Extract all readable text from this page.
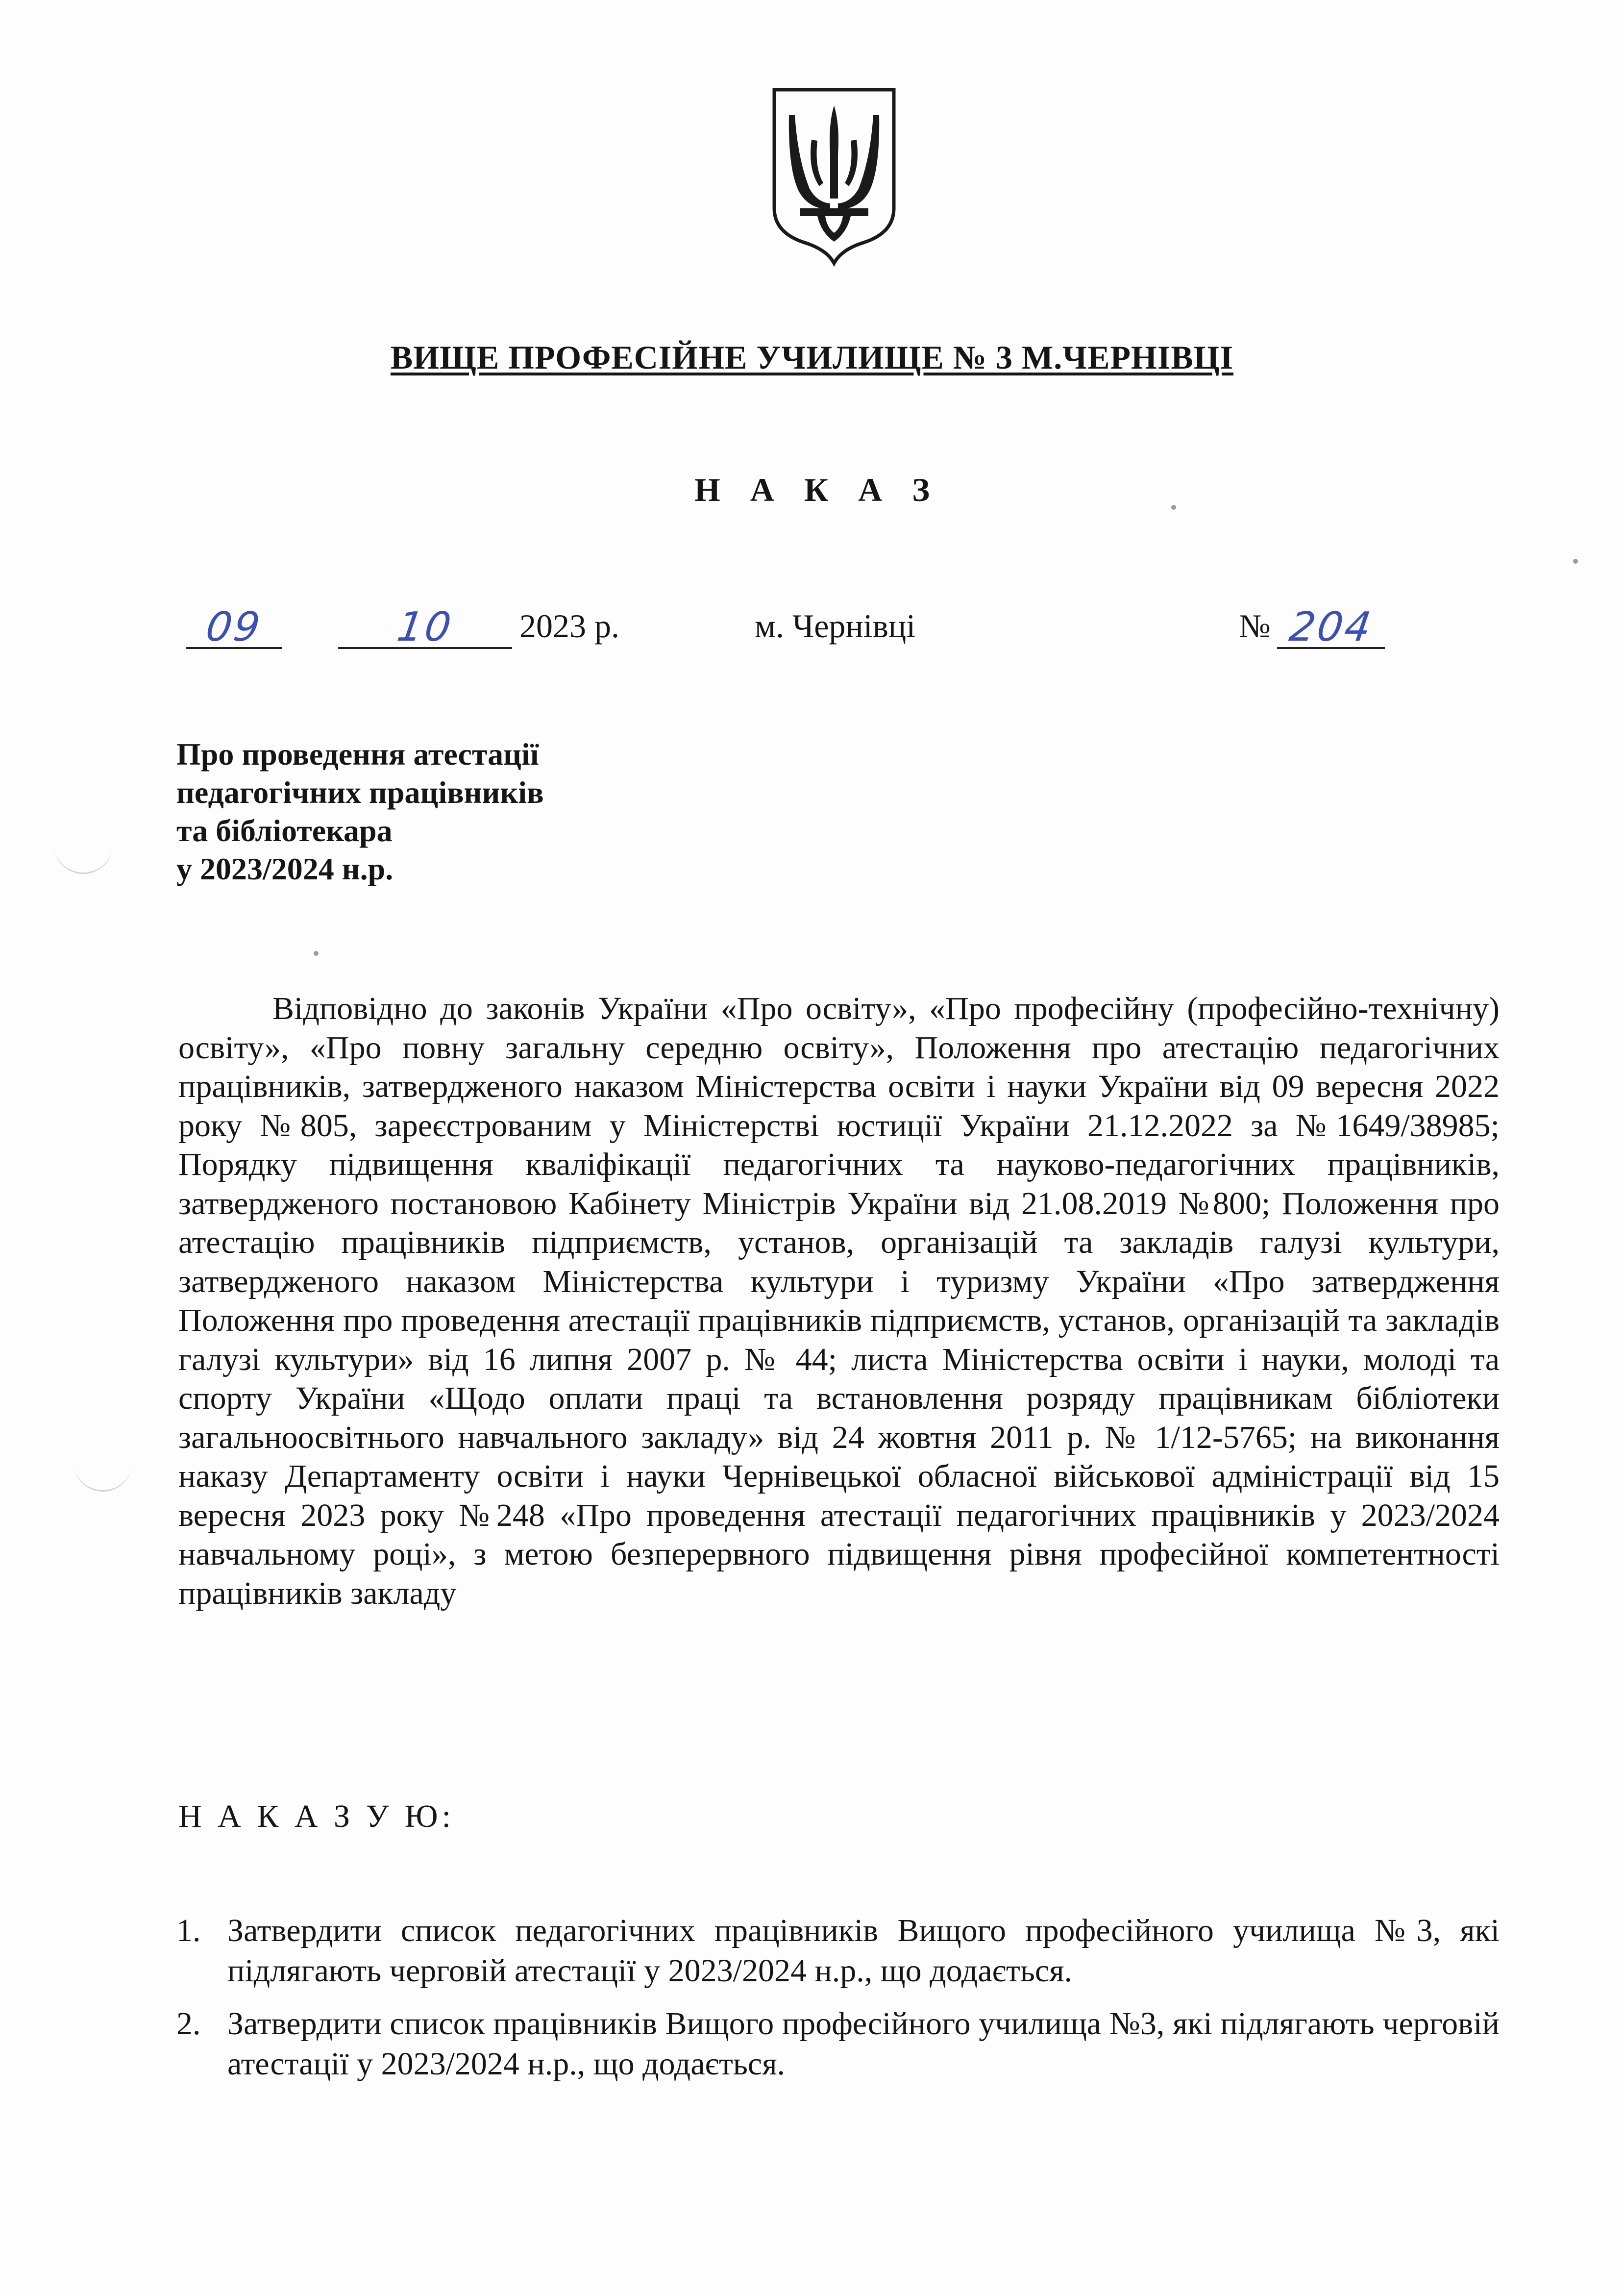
ВИЩЕ ПРОФЕСІЙНЕ УЧИЛИЩЕ № 3 М.ЧЕРНІВЦІ
Н А К А З
09	10	2023 р.	м. Чернівці	№ 204
Про проведення атестації
педагогічних працівників
та бібліотекара
у 2023/2024 н.р.
Відповідно до законів України «Про освіту», «Про професійну (професійно-технічну) освіту», «Про повну загальну середню освіту», Положення про атестацію педагогічних працівників, затвердженого наказом Міністерства освіти і науки України від 09 вересня 2022 року №805, зареєстрованим у Міністерстві юстиції України 21.12.2022 за №1649/38985; Порядку підвищення кваліфікації педагогічних та науково-педагогічних працівників, затвердженого постановою Кабінету Міністрів України від 21.08.2019 №800; Положення про атестацію працівників підприємств, установ, організацій та закладів галузі культури, затвердженого наказом Міністерства культури і туризму України «Про затвердження Положення про проведення атестації працівників підприємств, установ, організацій та закладів галузі культури» від 16 липня 2007 р. № 44; листа Міністерства освіти і науки, молоді та спорту України «Щодо оплати праці та встановлення розряду працівникам бібліотеки загальноосвітнього навчального закладу» від 24 жовтня 2011 р. № 1/12-5765; на виконання наказу Департаменту освіти і науки Чернівецької обласної військової адміністрації від 15 вересня 2023 року №248 «Про проведення атестації педагогічних працівників у 2023/2024 навчальному році», з метою безперервного підвищення рівня професійної компетентності працівників закладу
Н А К А З У Ю:
1. Затвердити список педагогічних працівників Вищого професійного училища №3, які підлягають черговій атестації у 2023/2024 н.р., що додається.
2. Затвердити список працівників Вищого професійного училища №3, які підлягають черговій атестації у 2023/2024 н.р., що додається.
